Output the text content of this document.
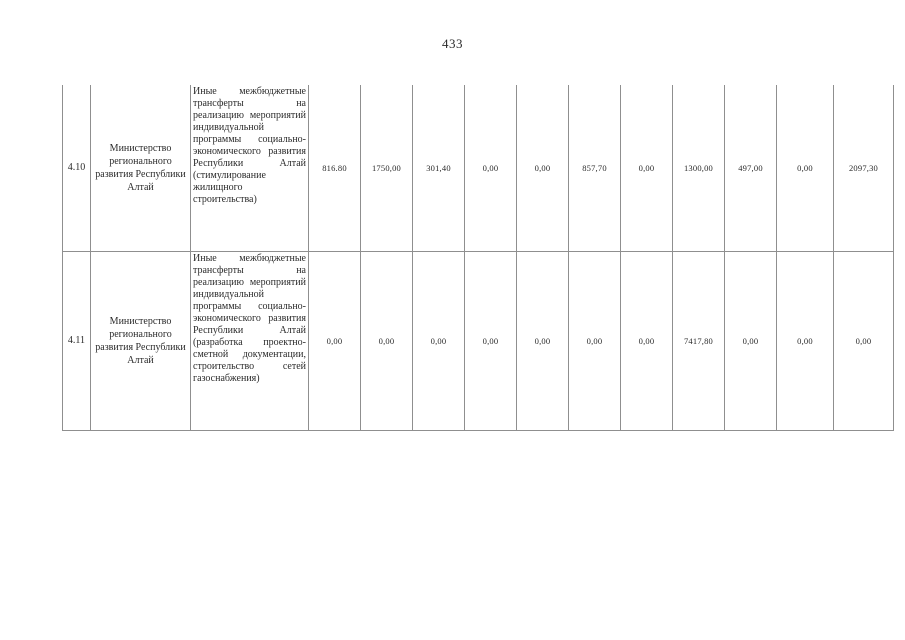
433
4.10	Министерство регионального развития Республики Алтай	Иные межбюджетные трансферты на реализацию мероприятий индивидуальной программы социально-экономического развития Республики Алтай (стимулирование жилищного строительства)	816.80	1750,00	301,40	0,00	0,00	857,70	0,00	1300,00	497,00	0,00	2097,30
4.11	Министерство регионального развития Республики Алтай	Иные межбюджетные трансферты на реализацию мероприятий индивидуальной программы социально-экономического развития Республики Алтай (разработка проектно-сметной документации, строительство сетей газоснабжения)	0,00	0,00	0,00	0,00	0,00	0,00	0,00	7417,80	0,00	0,00	0,00
